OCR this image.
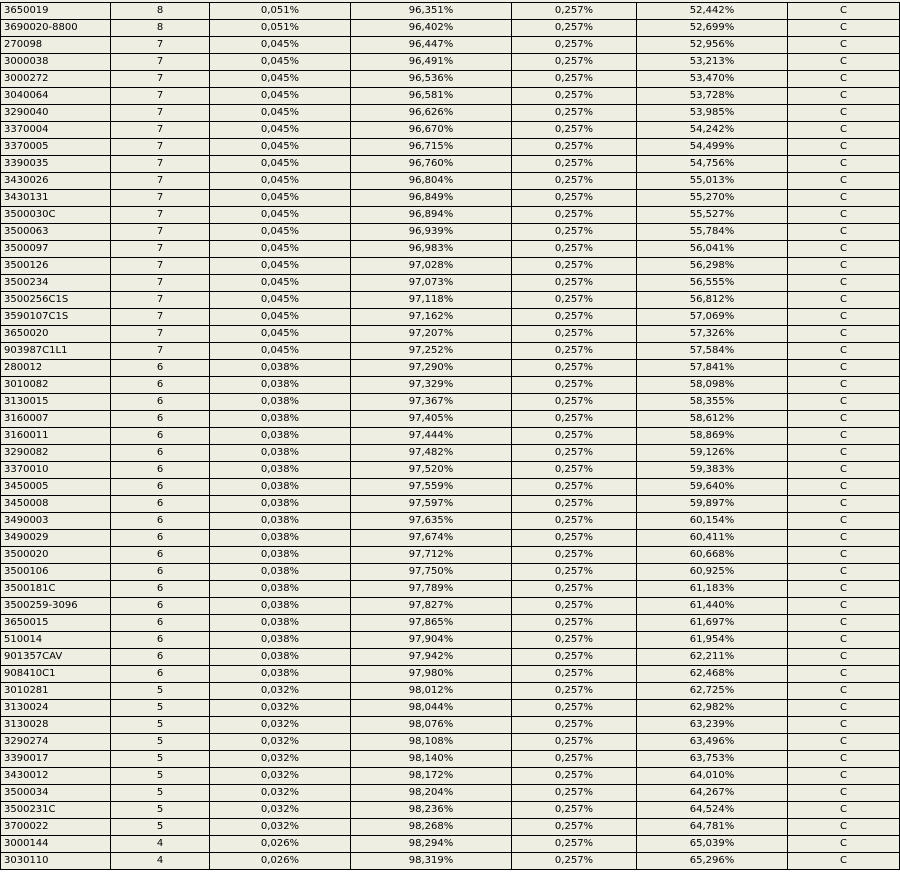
3650019	8	0,051%	96,351%	0,257%	52,442%	C
3690020-8800	8	0,051%	96,402%	0,257%	52,699%	C
270098	7	0,045%	96,447%	0,257%	52,956%	C
3000038	7	0,045%	96,491%	0,257%	53,213%	C
3000272	7	0,045%	96,536%	0,257%	53,470%	C
3040064	7	0,045%	96,581%	0,257%	53,728%	C
3290040	7	0,045%	96,626%	0,257%	53,985%	C
3370004	7	0,045%	96,670%	0,257%	54,242%	C
3370005	7	0,045%	96,715%	0,257%	54,499%	C
3390035	7	0,045%	96,760%	0,257%	54,756%	C
3430026	7	0,045%	96,804%	0,257%	55,013%	C
3430131	7	0,045%	96,849%	0,257%	55,270%	C
3500030C	7	0,045%	96,894%	0,257%	55,527%	C
3500063	7	0,045%	96,939%	0,257%	55,784%	C
3500097	7	0,045%	96,983%	0,257%	56,041%	C
3500126	7	0,045%	97,028%	0,257%	56,298%	C
3500234	7	0,045%	97,073%	0,257%	56,555%	C
3500256C1S	7	0,045%	97,118%	0,257%	56,812%	C
3590107C1S	7	0,045%	97,162%	0,257%	57,069%	C
3650020	7	0,045%	97,207%	0,257%	57,326%	C
903987C1L1	7	0,045%	97,252%	0,257%	57,584%	C
280012	6	0,038%	97,290%	0,257%	57,841%	C
3010082	6	0,038%	97,329%	0,257%	58,098%	C
3130015	6	0,038%	97,367%	0,257%	58,355%	C
3160007	6	0,038%	97,405%	0,257%	58,612%	C
3160011	6	0,038%	97,444%	0,257%	58,869%	C
3290082	6	0,038%	97,482%	0,257%	59,126%	C
3370010	6	0,038%	97,520%	0,257%	59,383%	C
3450005	6	0,038%	97,559%	0,257%	59,640%	C
3450008	6	0,038%	97,597%	0,257%	59,897%	C
3490003	6	0,038%	97,635%	0,257%	60,154%	C
3490029	6	0,038%	97,674%	0,257%	60,411%	C
3500020	6	0,038%	97,712%	0,257%	60,668%	C
3500106	6	0,038%	97,750%	0,257%	60,925%	C
3500181C	6	0,038%	97,789%	0,257%	61,183%	C
3500259-3096	6	0,038%	97,827%	0,257%	61,440%	C
3650015	6	0,038%	97,865%	0,257%	61,697%	C
510014	6	0,038%	97,904%	0,257%	61,954%	C
901357CAV	6	0,038%	97,942%	0,257%	62,211%	C
908410C1	6	0,038%	97,980%	0,257%	62,468%	C
3010281	5	0,032%	98,012%	0,257%	62,725%	C
3130024	5	0,032%	98,044%	0,257%	62,982%	C
3130028	5	0,032%	98,076%	0,257%	63,239%	C
3290274	5	0,032%	98,108%	0,257%	63,496%	C
3390017	5	0,032%	98,140%	0,257%	63,753%	C
3430012	5	0,032%	98,172%	0,257%	64,010%	C
3500034	5	0,032%	98,204%	0,257%	64,267%	C
3500231C	5	0,032%	98,236%	0,257%	64,524%	C
3700022	5	0,032%	98,268%	0,257%	64,781%	C
3000144	4	0,026%	98,294%	0,257%	65,039%	C
3030110	4	0,026%	98,319%	0,257%	65,296%	C
